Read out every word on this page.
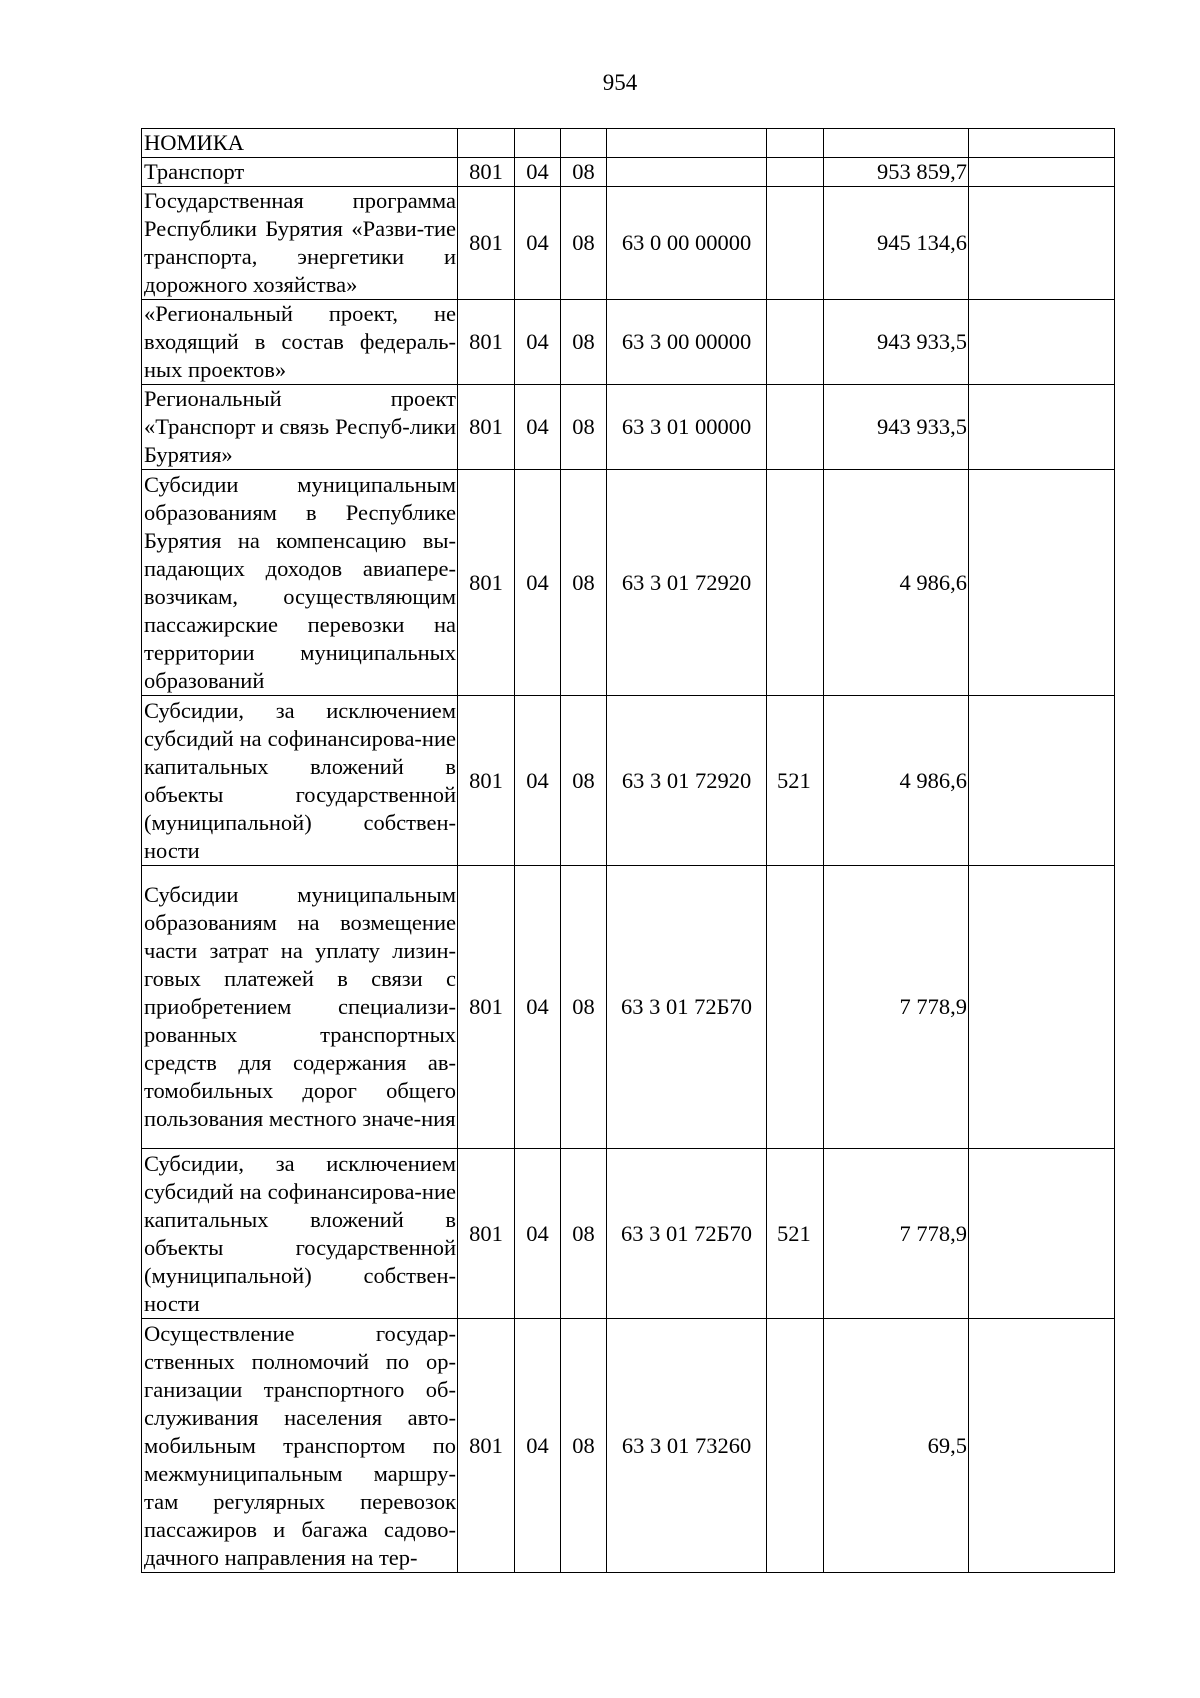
954
НОМИКА							
Транспорт	801	04	08			953 859,7	
Государственная программа Республики Бурятия «Разви-тие транспорта, энергетики и дорожного хозяйства»	801	04	08	63 0 00 00000		945 134,6	
«Региональный проект, не входящий в состав федераль-ных проектов»	801	04	08	63 3 00 00000		943 933,5	
Региональный проект «Транспорт и связь Респуб-лики Бурятия»	801	04	08	63 3 01 00000		943 933,5	
Субсидии муниципальным образованиям в Республике Бурятия на компенсацию вы-падающих доходов авиапере-возчикам, осуществляющим пассажирские перевозки на территории муниципальных образований	801	04	08	63 3 01 72920		4 986,6	
Субсидии, за исключением субсидий на софинансирова-ние капитальных вложений в объекты государственной (муниципальной) собствен-ности	801	04	08	63 3 01 72920	521	4 986,6	
Субсидии муниципальным образованиям на возмещение части затрат на уплату лизин-говых платежей в связи с приобретением специализи-рованных транспортных средств для содержания ав-томобильных дорог общего пользования местного значе-ния	801	04	08	63 3 01 72Б70		7 778,9	
Субсидии, за исключением субсидий на софинансирова-ние капитальных вложений в объекты государственной (муниципальной) собствен-ности	801	04	08	63 3 01 72Б70	521	7 778,9	
Осуществление государ-ственных полномочий по ор-ганизации транспортного об-служивания населения авто-мобильным транспортом по межмуниципальным маршру-там регулярных перевозок пассажиров и багажа садово-дачного направления на тер-	801	04	08	63 3 01 73260		69,5	
